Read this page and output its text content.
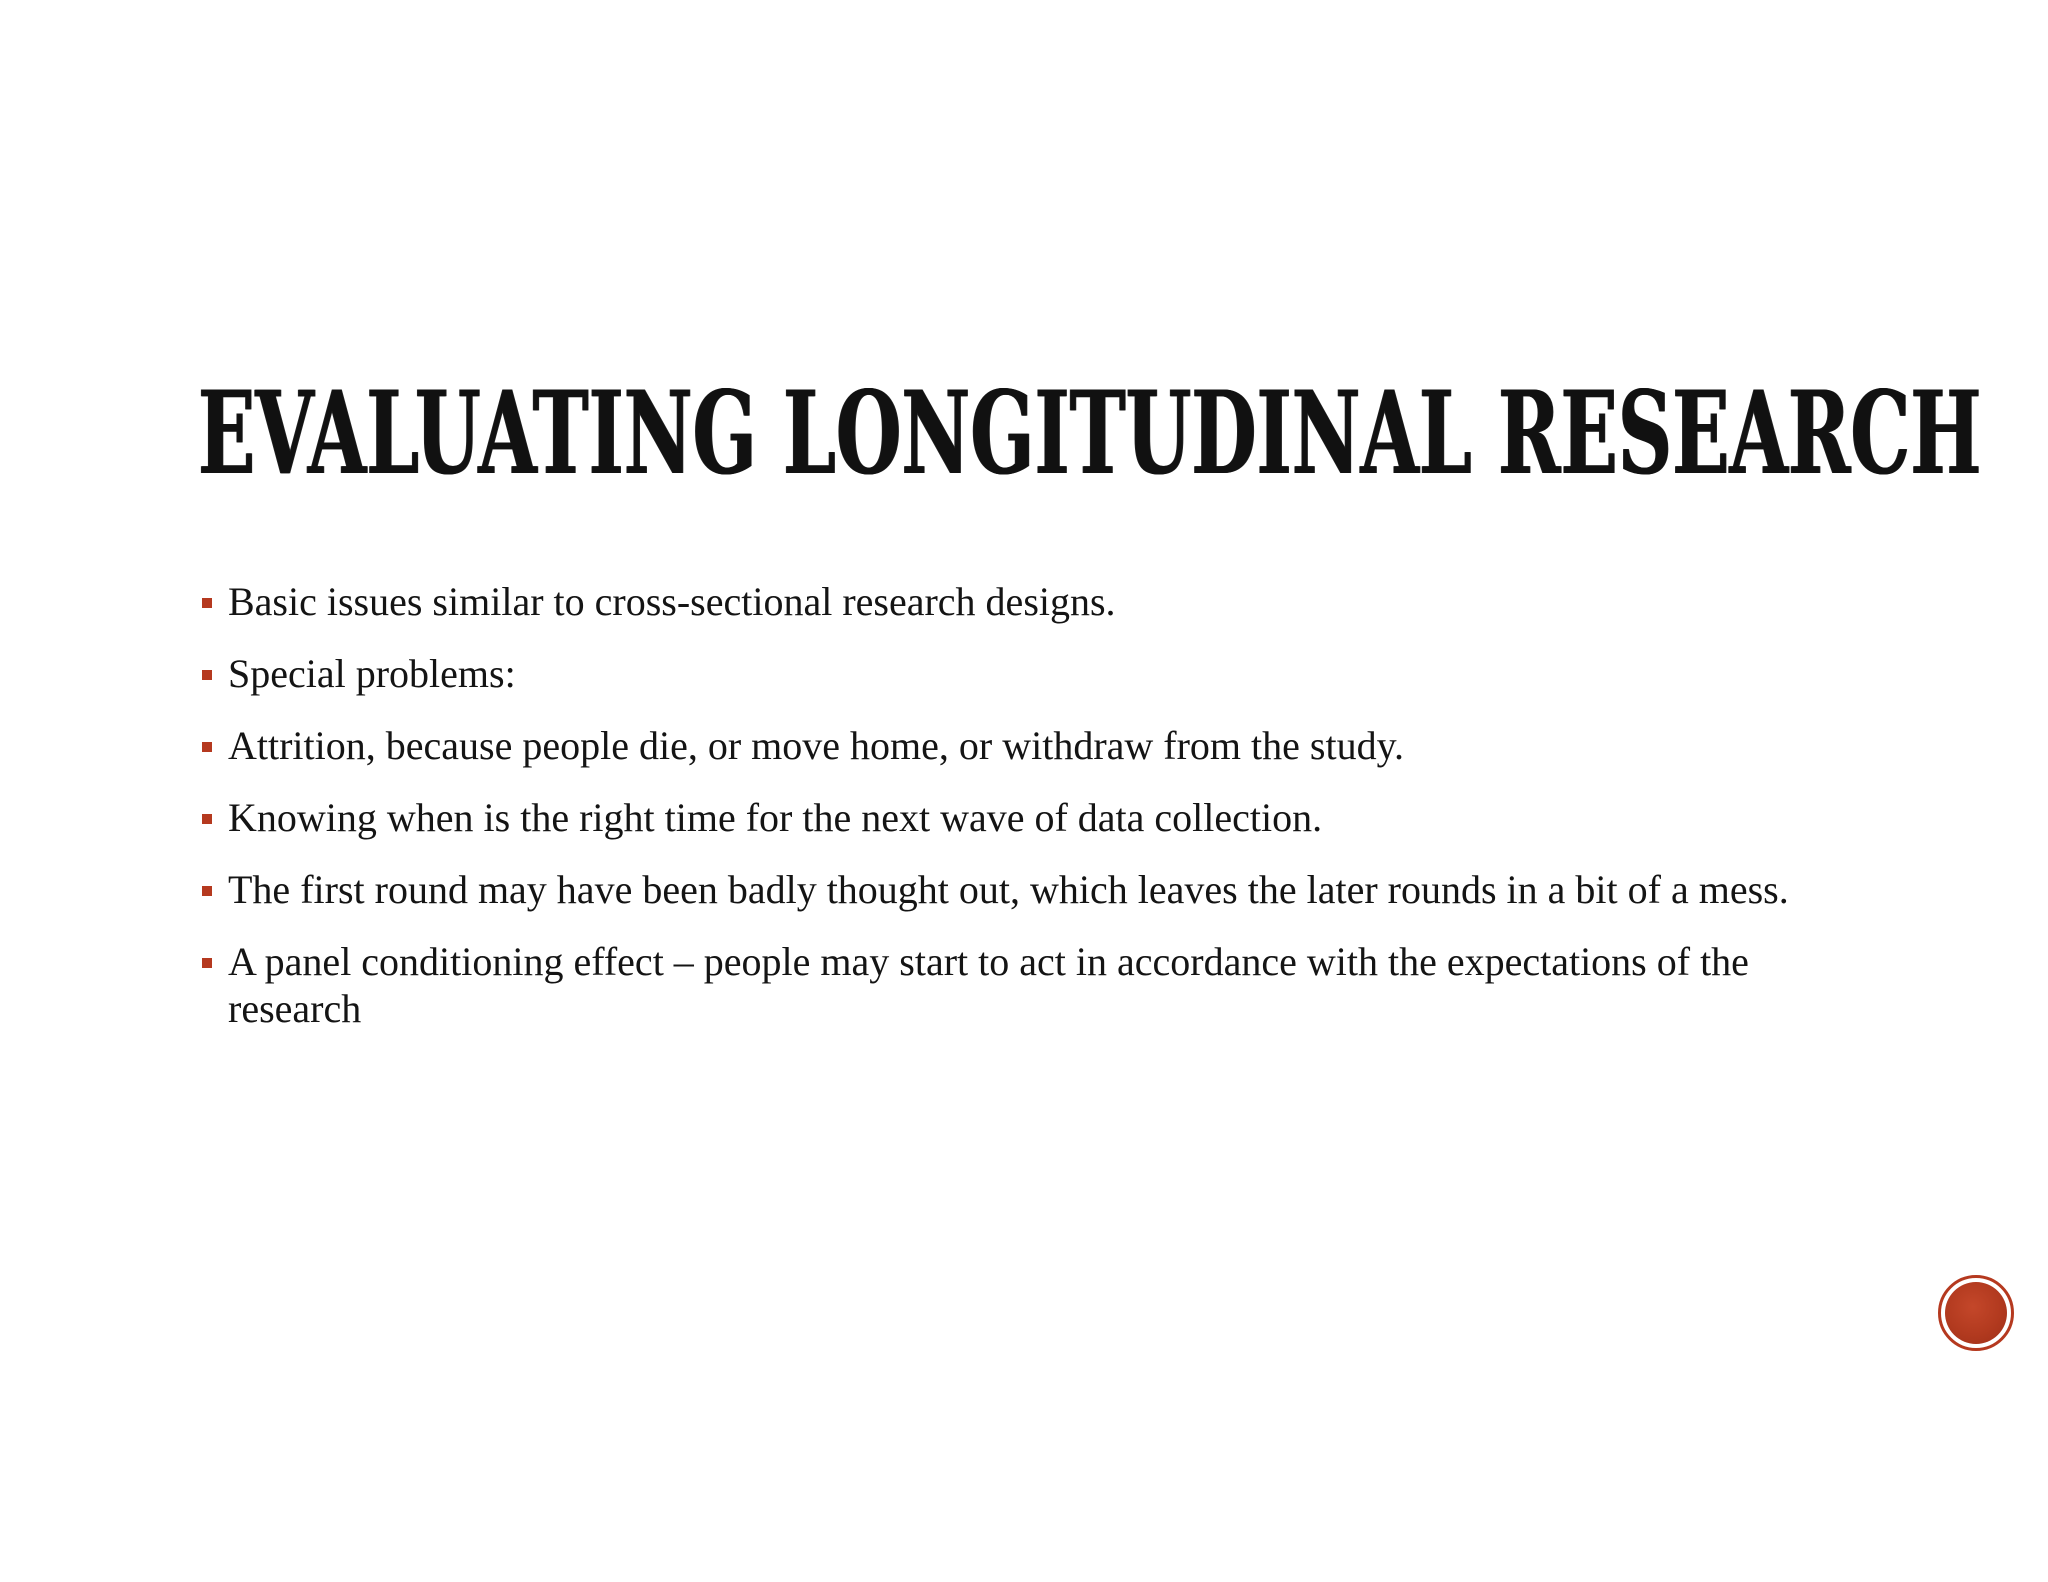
EVALUATING LONGITUDINAL RESEARCH
Basic issues similar to cross-sectional research designs.
Special problems:
Attrition, because people die, or move home, or withdraw from the study.
Knowing when is the right time for the next wave of data collection.
The first round may have been badly thought out, which leaves the later rounds in a bit of a mess.
A panel conditioning effect – people may start to act in accordance with the expectations of the research
